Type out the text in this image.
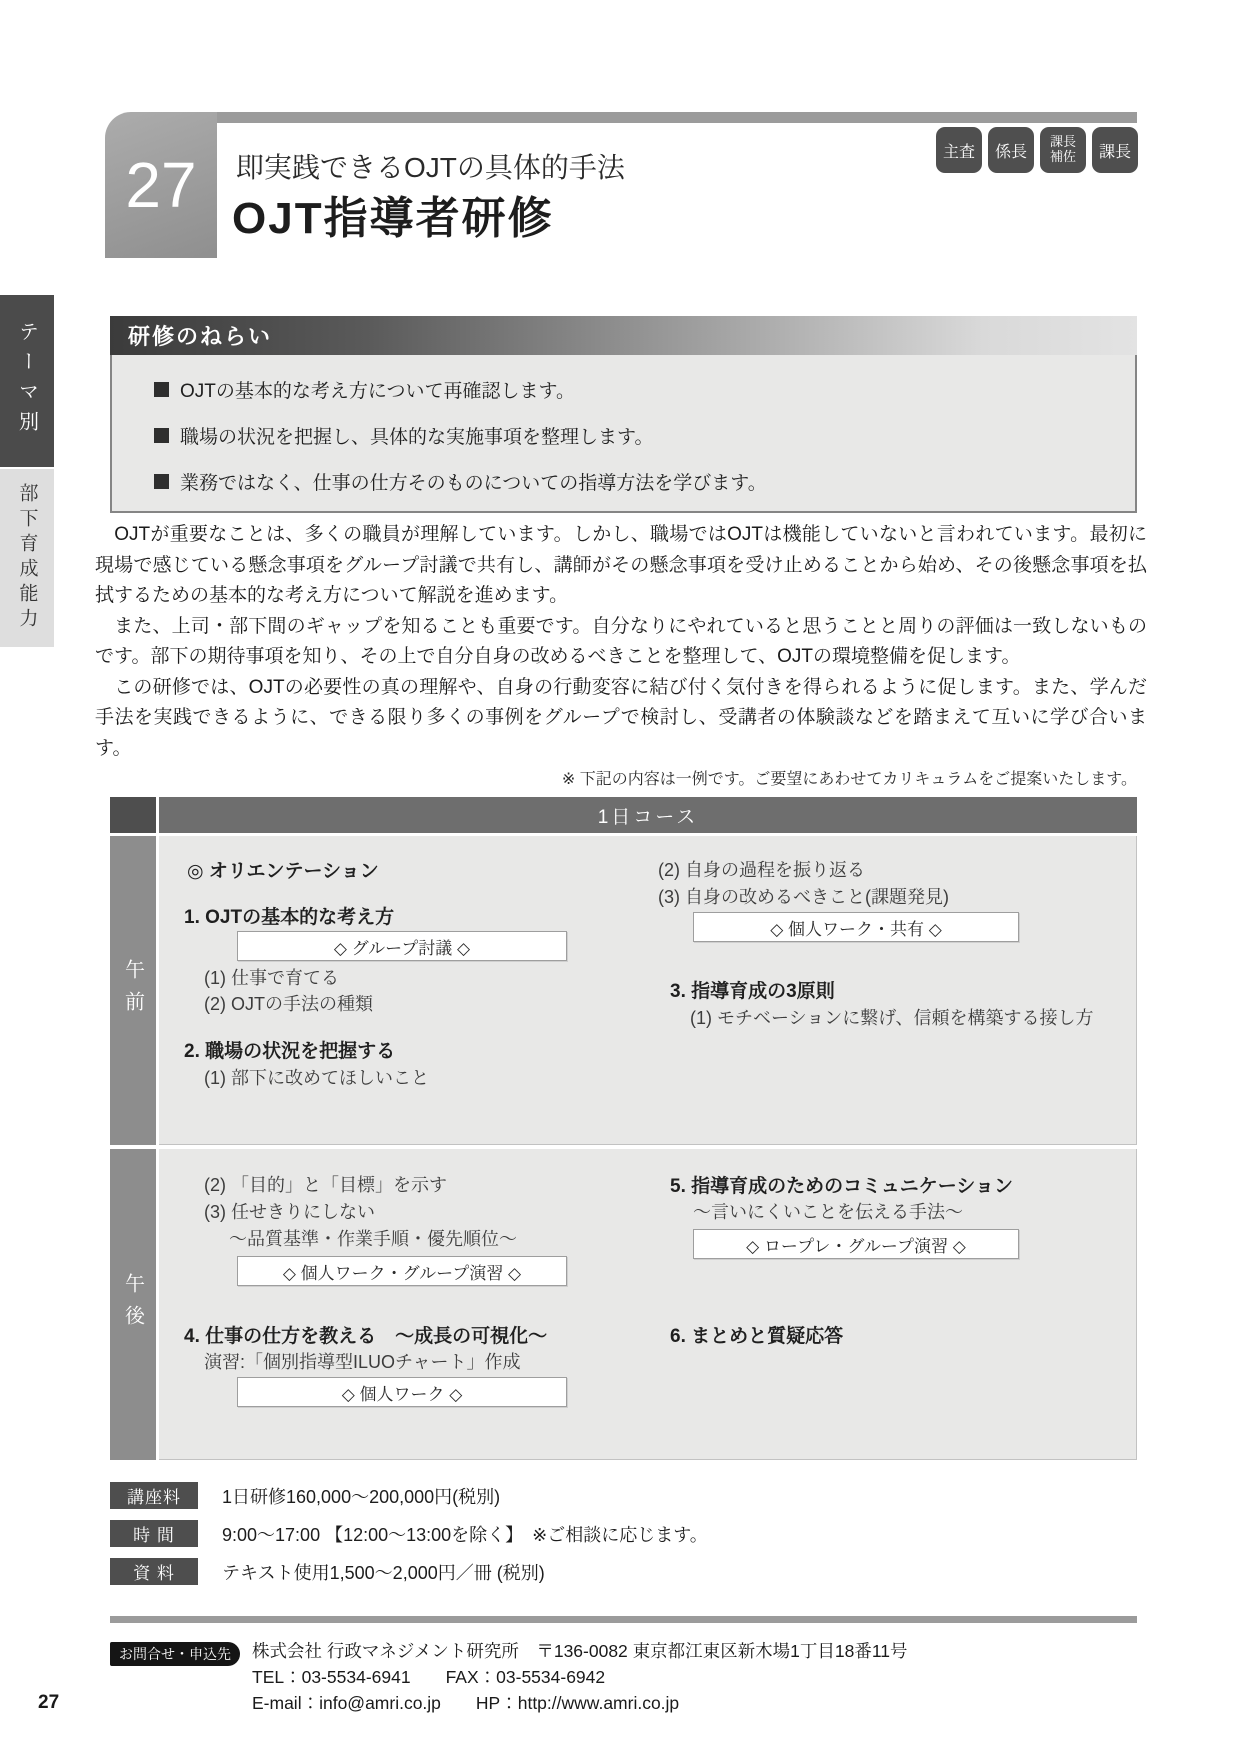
テーマ別
部下育成能力
27 即実践できるOJTの具体的手法
OJT指導者研修
主査	係長
課長補佐	課長
研修のねらい
OJTの基本的な考え方について再確認します。
職場の状況を把握し、具体的な実施事項を整理します。
業務ではなく、仕事の仕方そのものについての指導方法を学びます。

　OJTが重要なことは、多くの職員が理解しています。しかし、職場ではOJTは機能していないと言われています。最初に現場で感じている懸念事項をグループ討議で共有し、講師がその懸念事項を受け止めることから始め、その後懸念事項を払拭するための基本的な考え方について解説を進めます。

　また、上司・部下間のギャップを知ることも重要です。自分なりにやれていると思うことと周りの評価は一致しないものです。部下の期待事項を知り、その上で自分自身の改めるべきことを整理して、OJTの環境整備を促します。

　この研修では、OJTの必要性の真の理解や、自身の行動変容に結び付く気付きを得られるように促します。また、学んだ手法を実践できるように、できる限り多くの事例をグループで検討し、受講者の体験談などを踏まえて互いに学び合います。

※ 下記の内容は一例です。ご要望にあわせてカリキュラムをご提案いたします。
1日コース
午前
◎ オリエンテーション
1. OJTの基本的な考え方
◇ グループ討議 ◇
(1) 仕事で育てる
(2) OJTの手法の種類
2. 職場の状況を把握する
(1) 部下に改めてほしいこと
(2) 自身の過程を振り返る
(3) 自身の改めるべきこと(課題発見)
◇ 個人ワーク・共有 ◇
3. 指導育成の3原則
(1) モチベーションに繋げ、信頼を構築する接し方
午後
(2) 「目的」と「目標」を示す
(3) 任せきりにしない
～品質基準・作業手順・優先順位～
◇ 個人ワーク・グループ演習 ◇
4. 仕事の仕方を教える　～成長の可視化～
演習:「個別指導型ILUOチャート」作成
◇ 個人ワーク ◇
5. 指導育成のためのコミュニケーション
～言いにくいことを伝える手法～
◇ ロープレ・グループ演習 ◇
6. まとめと質疑応答
講座料	1日研修160,000～200,000円(税別)
時 間	9:00～17:00 【12:00～13:00を除く】　※ご相談に応じます。
資 料	テキスト使用1,500～2,000円／冊 (税別)
お問合せ・申込先	株式会社 行政マネジメント研究所　〒136-0082 東京都江東区新木場1丁目18番11号
TEL：03-5534-6941　　FAX：03-5534-6942
E-mail：info@amri.co.jp　　HP：http://www.amri.co.jp
27
